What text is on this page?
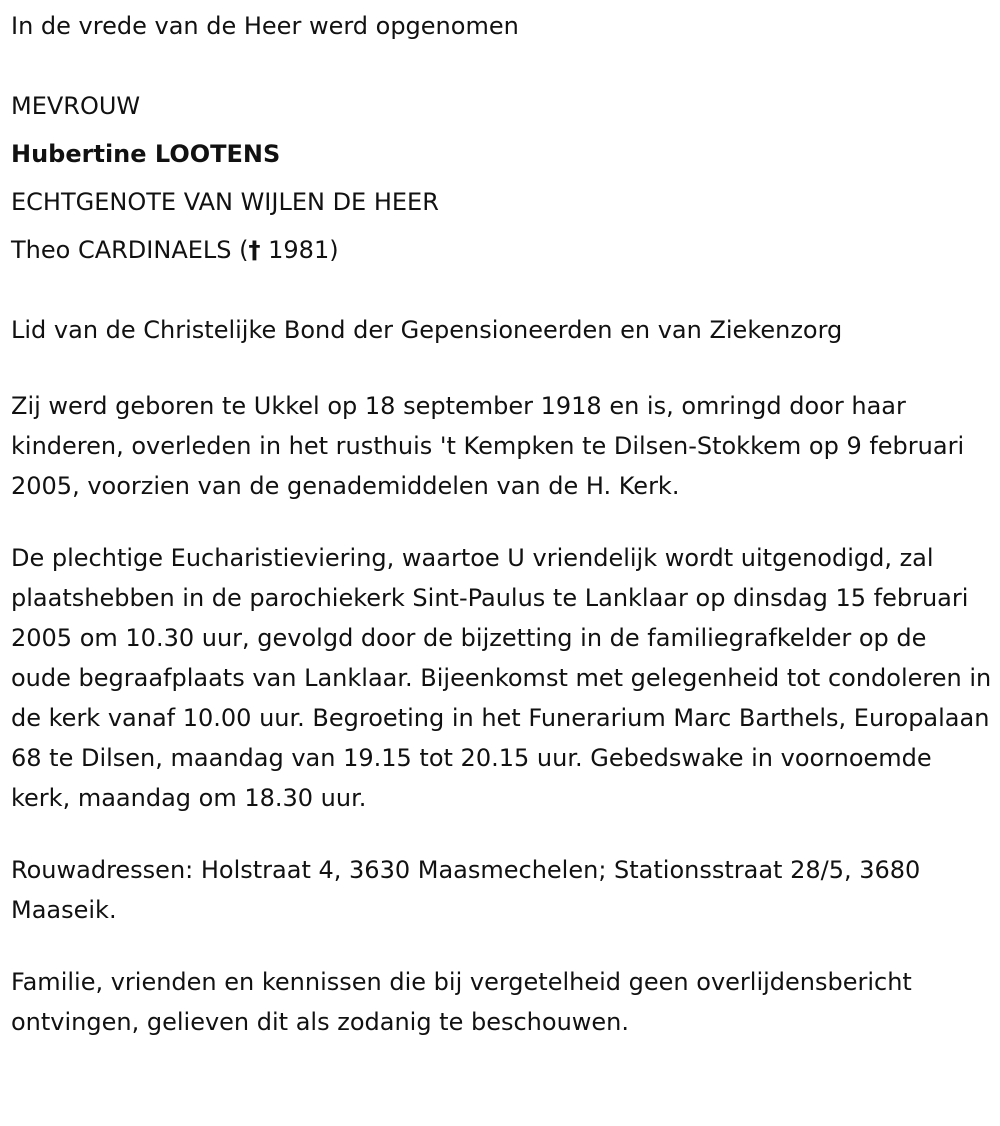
In de vrede van de Heer werd opgenomen

MEVROUW

Hubertine LOOTENS

ECHTGENOTE VAN WIJLEN DE HEER

Theo CARDINAELS († 1981)

Lid van de Christelijke Bond der Gepensioneerden en van Ziekenzorg

Zij werd geboren te Ukkel op 18 september 1918 en is, omringd door haar kinderen, overleden in het rusthuis 't Kempken te Dilsen-Stokkem op 9 februari 2005, voorzien van de genademiddelen van de H. Kerk.

De plechtige Eucharistieviering, waartoe U vriendelijk wordt uitgenodigd, zal plaatshebben in de parochiekerk Sint-Paulus te Lanklaar op dinsdag 15 februari 2005 om 10.30 uur, gevolgd door de bijzetting in de familiegrafkelder op de oude begraafplaats van Lanklaar. Bijeenkomst met gelegenheid tot condoleren in de kerk vanaf 10.00 uur. Begroeting in het Funerarium Marc Barthels, Europalaan 68 te Dilsen, maandag van 19.15 tot 20.15 uur. Gebedswake in voornoemde kerk, maandag om 18.30 uur.

Rouwadressen: Holstraat 4, 3630 Maasmechelen; Stationsstraat 28/5, 3680 Maaseik.

Familie, vrienden en kennissen die bij vergetelheid geen overlijdensbericht ontvingen, gelieven dit als zodanig te beschouwen.
